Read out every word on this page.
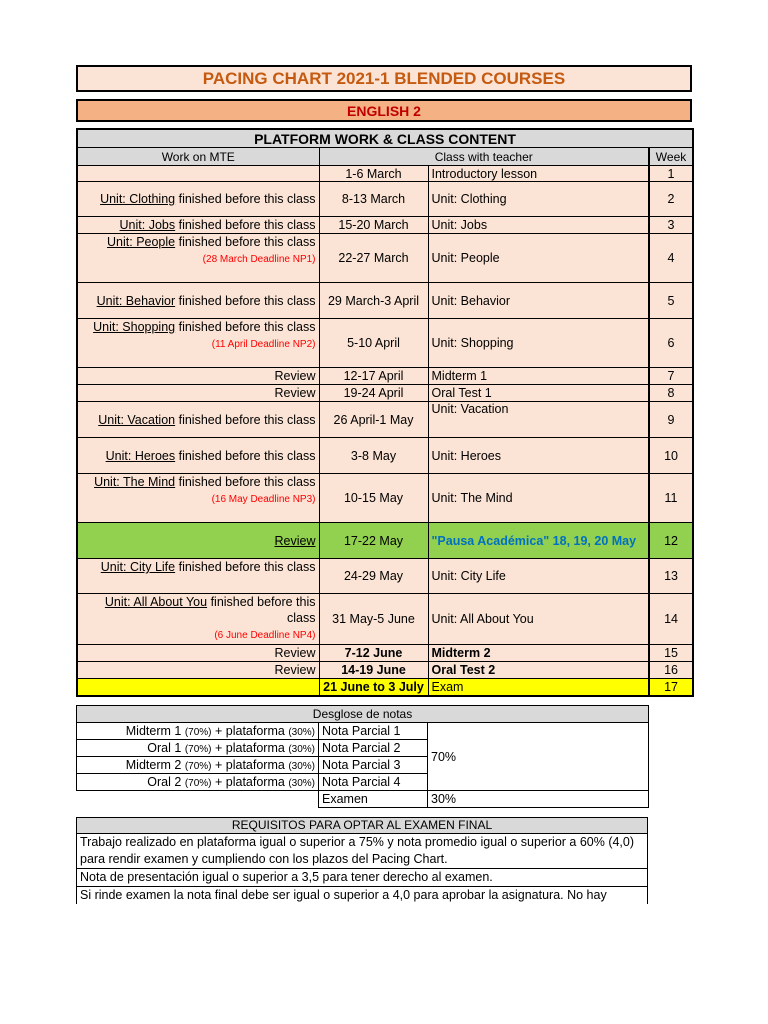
PACING CHART 2021-1 BLENDED COURSES
ENGLISH 2
PLATFORM WORK & CLASS CONTENT			
Work on MTE	Class with teacher		Week
	1-6 March	Introductory lesson	1
Unit: Clothing finished before this class	8-13 March	Unit: Clothing	2
Unit: Jobs finished before this class	15-20 March	Unit: Jobs	3
Unit: People finished before this class
(28 March Deadline NP1)	22-27 March	Unit: People	4
Unit: Behavior finished before this class	29 March-3 April	Unit: Behavior	5
Unit: Shopping finished before this class
(11 April Deadline NP2)	5-10 April	Unit: Shopping	6
Review	12-17 April	Midterm 1	7
Review	19-24 April	Oral Test 1	8
Unit: Vacation finished before this class	26 April-1 May	Unit: Vacation	9
Unit: Heroes finished before this class	3-8 May	Unit: Heroes	10
Unit: The Mind finished before this class
(16 May Deadline NP3)	10-15 May	Unit: The Mind	11
Review	17-22 May	"Pausa Académica" 18, 19, 20 May	12
Unit: City Life finished before this class	24-29 May	Unit: City Life	13
Unit: All About You finished before this class
(6 June Deadline NP4)	31 May-5 June	Unit: All About You	14
Review	7-12 June	Midterm 2	15
Review	14-19 June	Oral Test 2	16
	21 June to 3 July	Exam	17
Desglose de notas		
Midterm 1 (70%) + plataforma (30%)	Nota Parcial 1	70%
Oral 1 (70%) + plataforma (30%)	Nota Parcial 2	
Midterm 2 (70%) + plataforma (30%)	Nota Parcial 3	
Oral 2 (70%) + plataforma (30%)	Nota Parcial 4	
	Examen	30%
REQUISITOS PARA OPTAR AL EXAMEN FINAL
Trabajo realizado en plataforma igual o superior a 75% y nota promedio igual o superior a 60% (4,0) para rendir examen y cumpliendo con los plazos del Pacing Chart.
Nota de presentación igual o superior a 3,5 para tener derecho al examen.
Si rinde examen la nota final debe ser igual o superior a 4,0 para aprobar la asignatura. No hay
